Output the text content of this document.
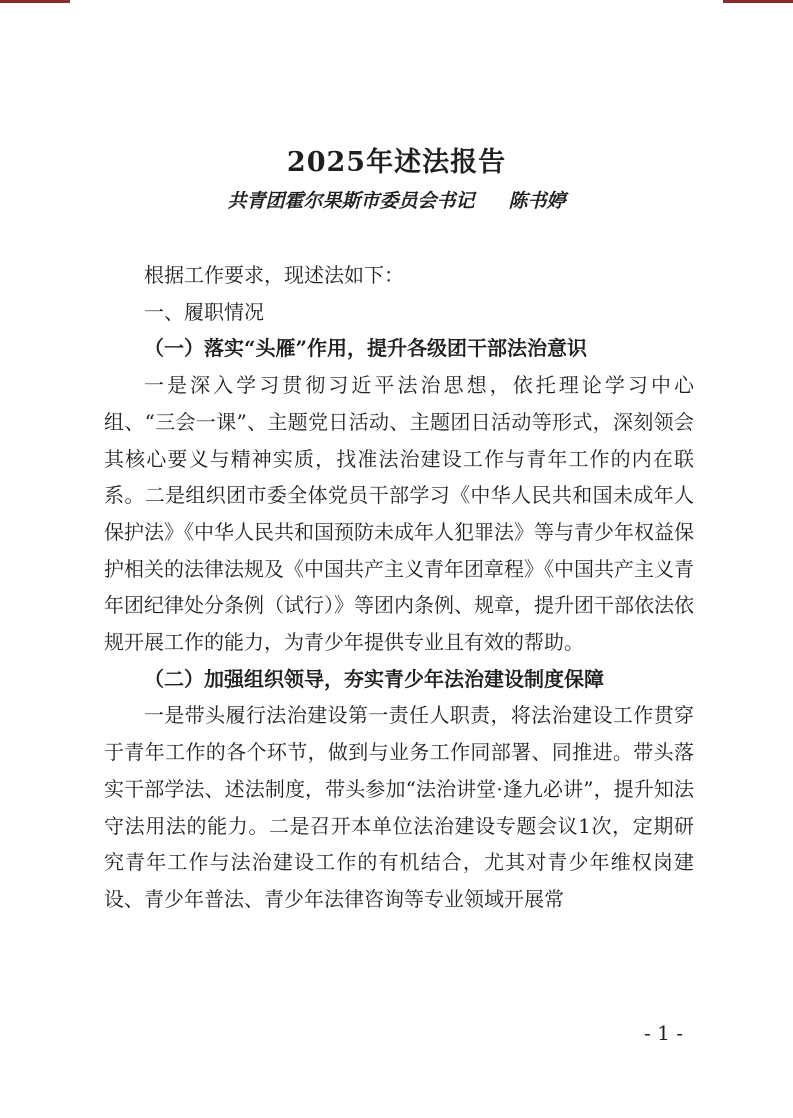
2025年述法报告

共青团霍尔果斯市委员会书记 陈书婷

根据工作要求，现述法如下：

一、履职情况

（一）落实“头雁”作用，提升各级团干部法治意识

一是深入学习贯彻习近平法治思想，依托理论学习中心组、“三会一课”、主题党日活动、主题团日活动等形式，深刻领会其核心要义与精神实质，找准法治建设工作与青年工作的内在联系。二是组织团市委全体党员干部学习《中华人民共和国未成年人保护法》《中华人民共和国预防未成年人犯罪法》等与青少年权益保护相关的法律法规及《中国共产主义青年团章程》《中国共产主义青年团纪律处分条例（试行）》等团内条例、规章，提升团干部依法依规开展工作的能力，为青少年提供专业且有效的帮助。

（二）加强组织领导，夯实青少年法治建设制度保障

一是带头履行法治建设第一责任人职责，将法治建设工作贯穿于青年工作的各个环节，做到与业务工作同部署、同推进。带头落实干部学法、述法制度，带头参加“法治讲堂·逢九必讲”，提升知法守法用法的能力。二是召开本单位法治建设专题会议1次，定期研究青年工作与法治建设工作的有机结合，尤其对青少年维权岗建设、青少年普法、青少年法律咨询等专业领域开展常

- 1 -
